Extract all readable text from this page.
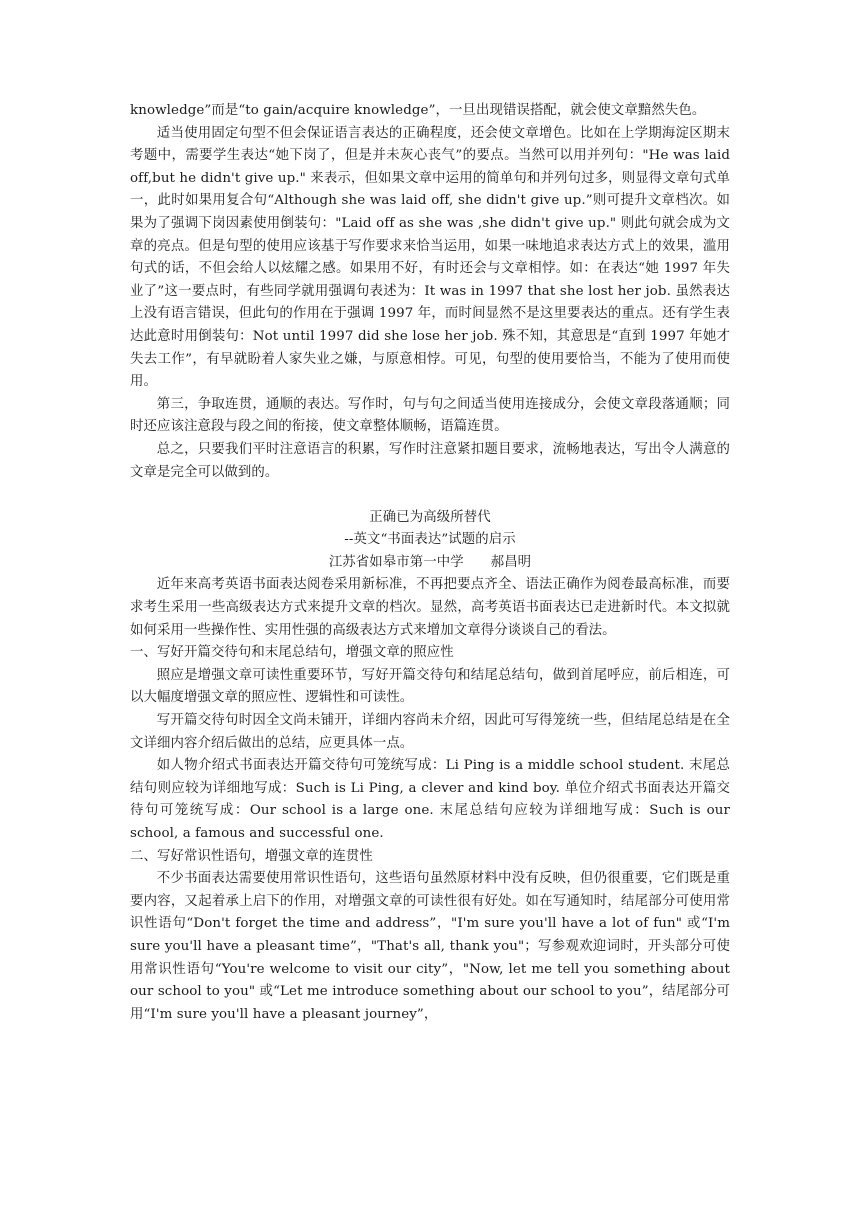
knowledge”而是“to gain/acquire knowledge”，一旦出现错误搭配，就会使文章黯然失色。

适当使用固定句型不但会保证语言表达的正确程度，还会使文章增色。比如在上学期海淀区期末考题中，需要学生表达“她下岗了，但是并未灰心丧气”的要点。当然可以用并列句："He was laid off,but he didn't give up." 来表示，但如果文章中运用的简单句和并列句过多，则显得文章句式单一，此时如果用复合句“Although she was laid off, she didn't give up.”则可提升文章档次。如果为了强调下岗因素使用倒装句："Laid off as she was ,she didn't give up." 则此句就会成为文章的亮点。但是句型的使用应该基于写作要求来恰当运用，如果一味地追求表达方式上的效果，滥用句式的话，不但会给人以炫耀之感。如果用不好，有时还会与文章相悖。如：在表达“她 1997 年失业了”这一要点时，有些同学就用强调句表述为：It was in 1997 that she lost her job. 虽然表达上没有语言错误，但此句的作用在于强调 1997 年，而时间显然不是这里要表达的重点。还有学生表达此意时用倒装句：Not until 1997 did she lose her job. 殊不知，其意思是“直到 1997 年她才失去工作”，有早就盼着人家失业之嫌，与原意相悖。可见，句型的使用要恰当，不能为了使用而使用。

第三，争取连贯，通顺的表达。写作时，句与句之间适当使用连接成分，会使文章段落通顺；同时还应该注意段与段之间的衔接，使文章整体顺畅，语篇连贯。

总之，只要我们平时注意语言的积累，写作时注意紧扣题目要求，流畅地表达，写出令人满意的文章是完全可以做到的。

正确已为高级所替代

--英文“书面表达”试题的启示

江苏省如皋市第一中学　　郝昌明

近年来高考英语书面表达阅卷采用新标准，不再把要点齐全、语法正确作为阅卷最高标准，而要求考生采用一些高级表达方式来提升文章的档次。显然，高考英语书面表达已走进新时代。本文拟就如何采用一些操作性、实用性强的高级表达方式来增加文章得分谈谈自己的看法。

一、写好开篇交待句和末尾总结句，增强文章的照应性

照应是增强文章可读性重要环节，写好开篇交待句和结尾总结句，做到首尾呼应，前后相连，可以大幅度增强文章的照应性、逻辑性和可读性。

写开篇交待句时因全文尚未铺开，详细内容尚未介绍，因此可写得笼统一些，但结尾总结是在全文详细内容介绍后做出的总结，应更具体一点。

如人物介绍式书面表达开篇交待句可笼统写成：Li Ping is a middle school student. 末尾总结句则应较为详细地写成：Such is Li Ping, a clever and kind boy. 单位介绍式书面表达开篇交待句可笼统写成：Our school is a large one. 末尾总结句应较为详细地写成：Such is our school, a famous and successful one.

二、写好常识性语句，增强文章的连贯性

不少书面表达需要使用常识性语句，这些语句虽然原材料中没有反映，但仍很重要，它们既是重要内容，又起着承上启下的作用，对增强文章的可读性很有好处。如在写通知时，结尾部分可使用常识性语句“Don't forget the time and address”，"I'm sure you'll have a lot of fun" 或“I'm sure you'll have a pleasant time”，"That's all, thank you"；写参观欢迎词时，开头部分可使用常识性语句“You're welcome to visit our city”，"Now, let me tell you something about our school to you" 或“Let me introduce something about our school to you”，结尾部分可用“I'm sure you'll have a pleasant journey”，
